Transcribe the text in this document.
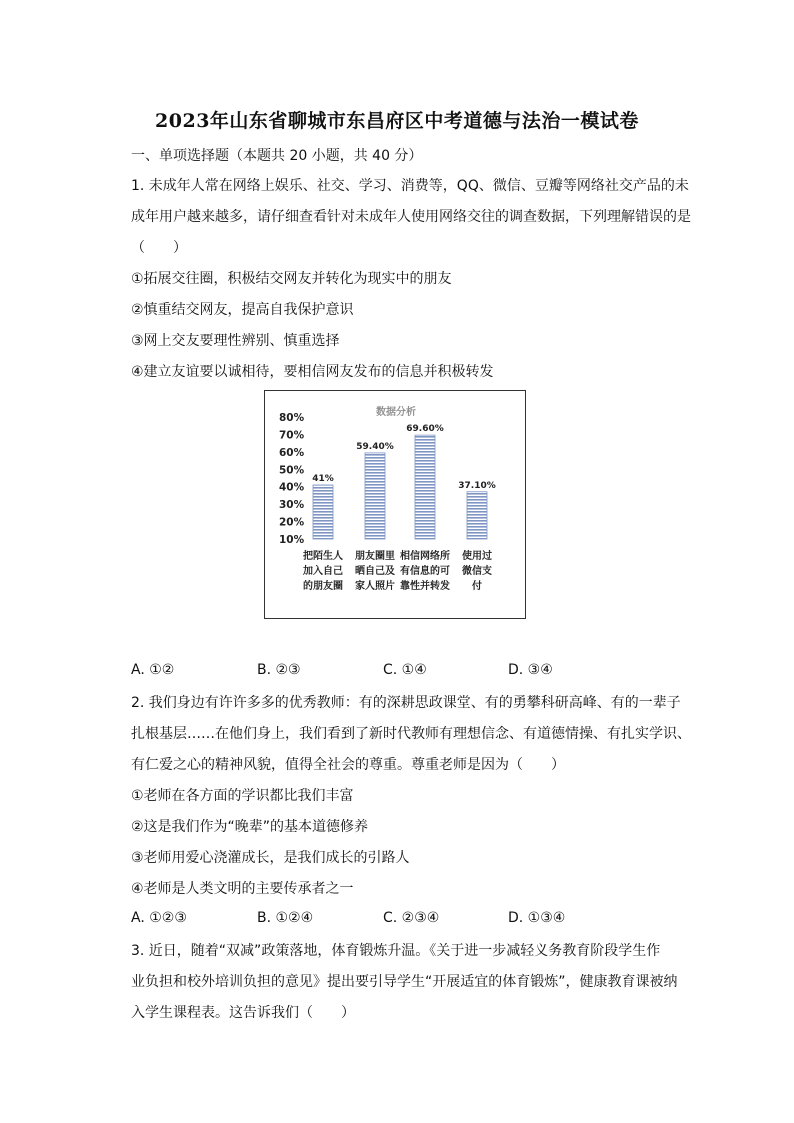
2023年山东省聊城市东昌府区中考道德与法治一模试卷
一、单项选择题（本题共 20 小题，共 40 分）
1. 未成年人常在网络上娱乐、社交、学习、消费等，QQ、微信、豆瓣等网络社交产品的未
成年用户越来越多，请仔细查看针对未成年人使用网络交往的调查数据，下列理解错误的是
（　　）
①拓展交往圈，积极结交网友并转化为现实中的朋友
②慎重结交网友，提高自我保护意识
③网上交友要理性辨别、慎重选择
④建立友谊要以诚相待，要相信网友发布的信息并积极转发
数据分析
80%
70%
60%
50%
40%
30%
20%
10%
41%
59.40%
69.60%
37.10%
把陌生人
加入自己
的朋友圈
朋友圈里
晒自己及
家人照片
相信网络所
有信息的可
靠性并转发
使用过
微信支
付
A. ①②	B. ②③	C. ①④	D. ③④
2. 我们身边有许许多多的优秀教师：有的深耕思政课堂、有的勇攀科研高峰、有的一辈子
扎根基层……在他们身上，我们看到了新时代教师有理想信念、有道德情操、有扎实学识、
有仁爱之心的精神风貌，值得全社会的尊重。尊重老师是因为（　　）
①老师在各方面的学识都比我们丰富
②这是我们作为“晚辈”的基本道德修养
③老师用爱心浇灌成长，是我们成长的引路人
④老师是人类文明的主要传承者之一
A. ①②③	B. ①②④	C. ②③④	D. ①③④
3. 近日，随着“双减”政策落地，体育锻炼升温。《关于进一步减轻义务教育阶段学生作
业负担和校外培训负担的意见》提出要引导学生“开展适宜的体育锻炼”，健康教育课被纳
入学生课程表。这告诉我们（　　）
